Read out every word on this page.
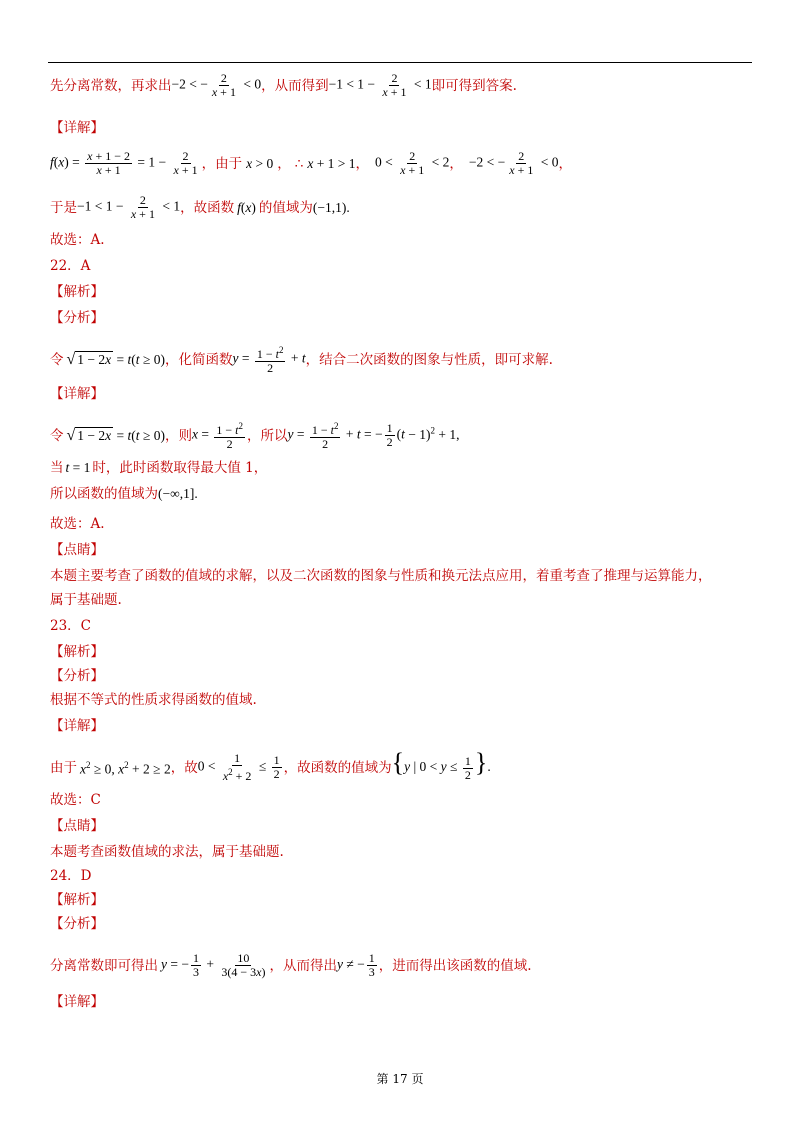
先分离常数，再求出 −2 < − $\frac{2}{x + 1} < 0$ ，从而得到 $-1 < 1 - \frac{2}{x + 1} < 1$ 即可得到答案.
【详解】
$f(x) = \frac{x + 1 - 2}{x + 1} = 1 - \frac{2}{x + 1}$ ，由于 x > 0 ， ∴ x + 1 > 1 ， $0 < \frac{2}{x + 1} < 2$ ， −2 < − $\frac{2}{x + 1} < 0$ ，
于是 $-1 < 1 - \frac{2}{x + 1} < 1$ ，故函数 f(x) 的值域为 (−1,1) .
故选：A.
22．A
【解析】
【分析】
令 √ 1 − 2x = t(t ≥ 0) ，化简函数 $y = \frac{1 - t^2}{2} + t$ ，结合二次函数的图象与性质，即可求解.
【详解】
令 √ 1 − 2x = t(t ≥ 0) ，则 $x = \frac{1 - t^2}{2}$ ，所以 $y = \frac{1 - t^2}{2} + t$ = − $\frac{1}{2} (t - 1)^2 + 1$,
当 t = 1 时，此时函数取得最大值 1，
所以函数的值域为 (−∞,1].
故选：A.
【点睛】
本题主要考查了函数的值域的求解，以及二次函数的图象与性质和换元法点应用，着重考查了推理与运算能力，
属于基础题.
23．C
【解析】
【分析】
根据不等式的性质求得函数的值域.
【详解】
由于 $x^2 \ge 0$, $x^2 + 2 \ge 2$ ，故 $0 < \frac{1}{x^2 + 2} \le \frac{1}{2}$ ，故函数的值域为 {y | $0 < y \le \frac{1}{2}$ }.
故选：C
【点睛】
本题考查函数值域的求法，属于基础题.
24．D
【解析】
【分析】
分离常数即可得出 y = − $\frac{1}{3} + \frac{10}{3(4 - 3x)}$ ，从而得出 y ≠ − $\frac{1}{3}$ ，进而得出该函数的值域.
【详解】
第 17 页
